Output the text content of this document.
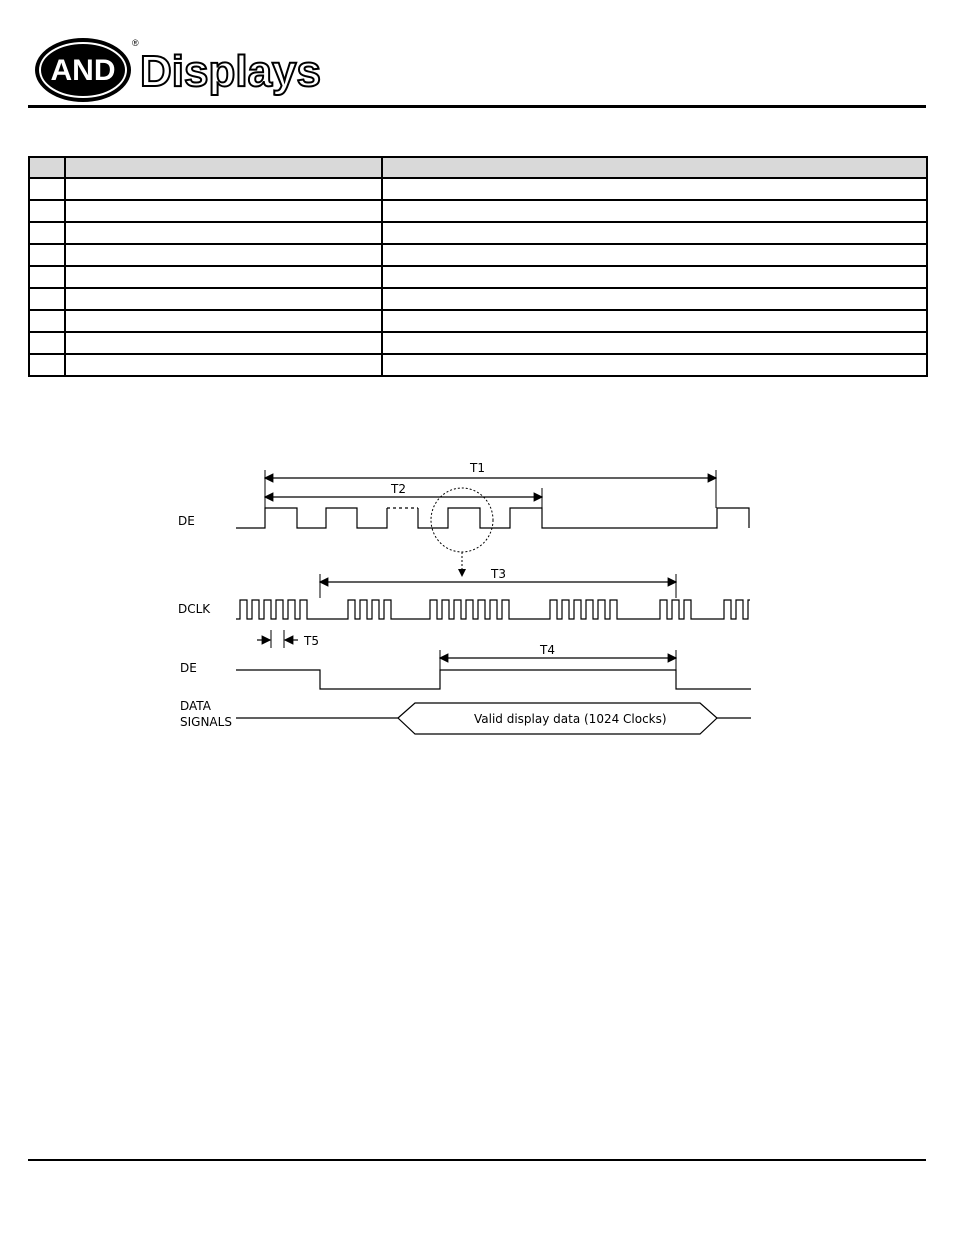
AND
®
Displays

DE
DCLK
DE
DATA
SIGNALS
T1
T2
T3
T5
T4
Valid display data (1024 Clocks)
